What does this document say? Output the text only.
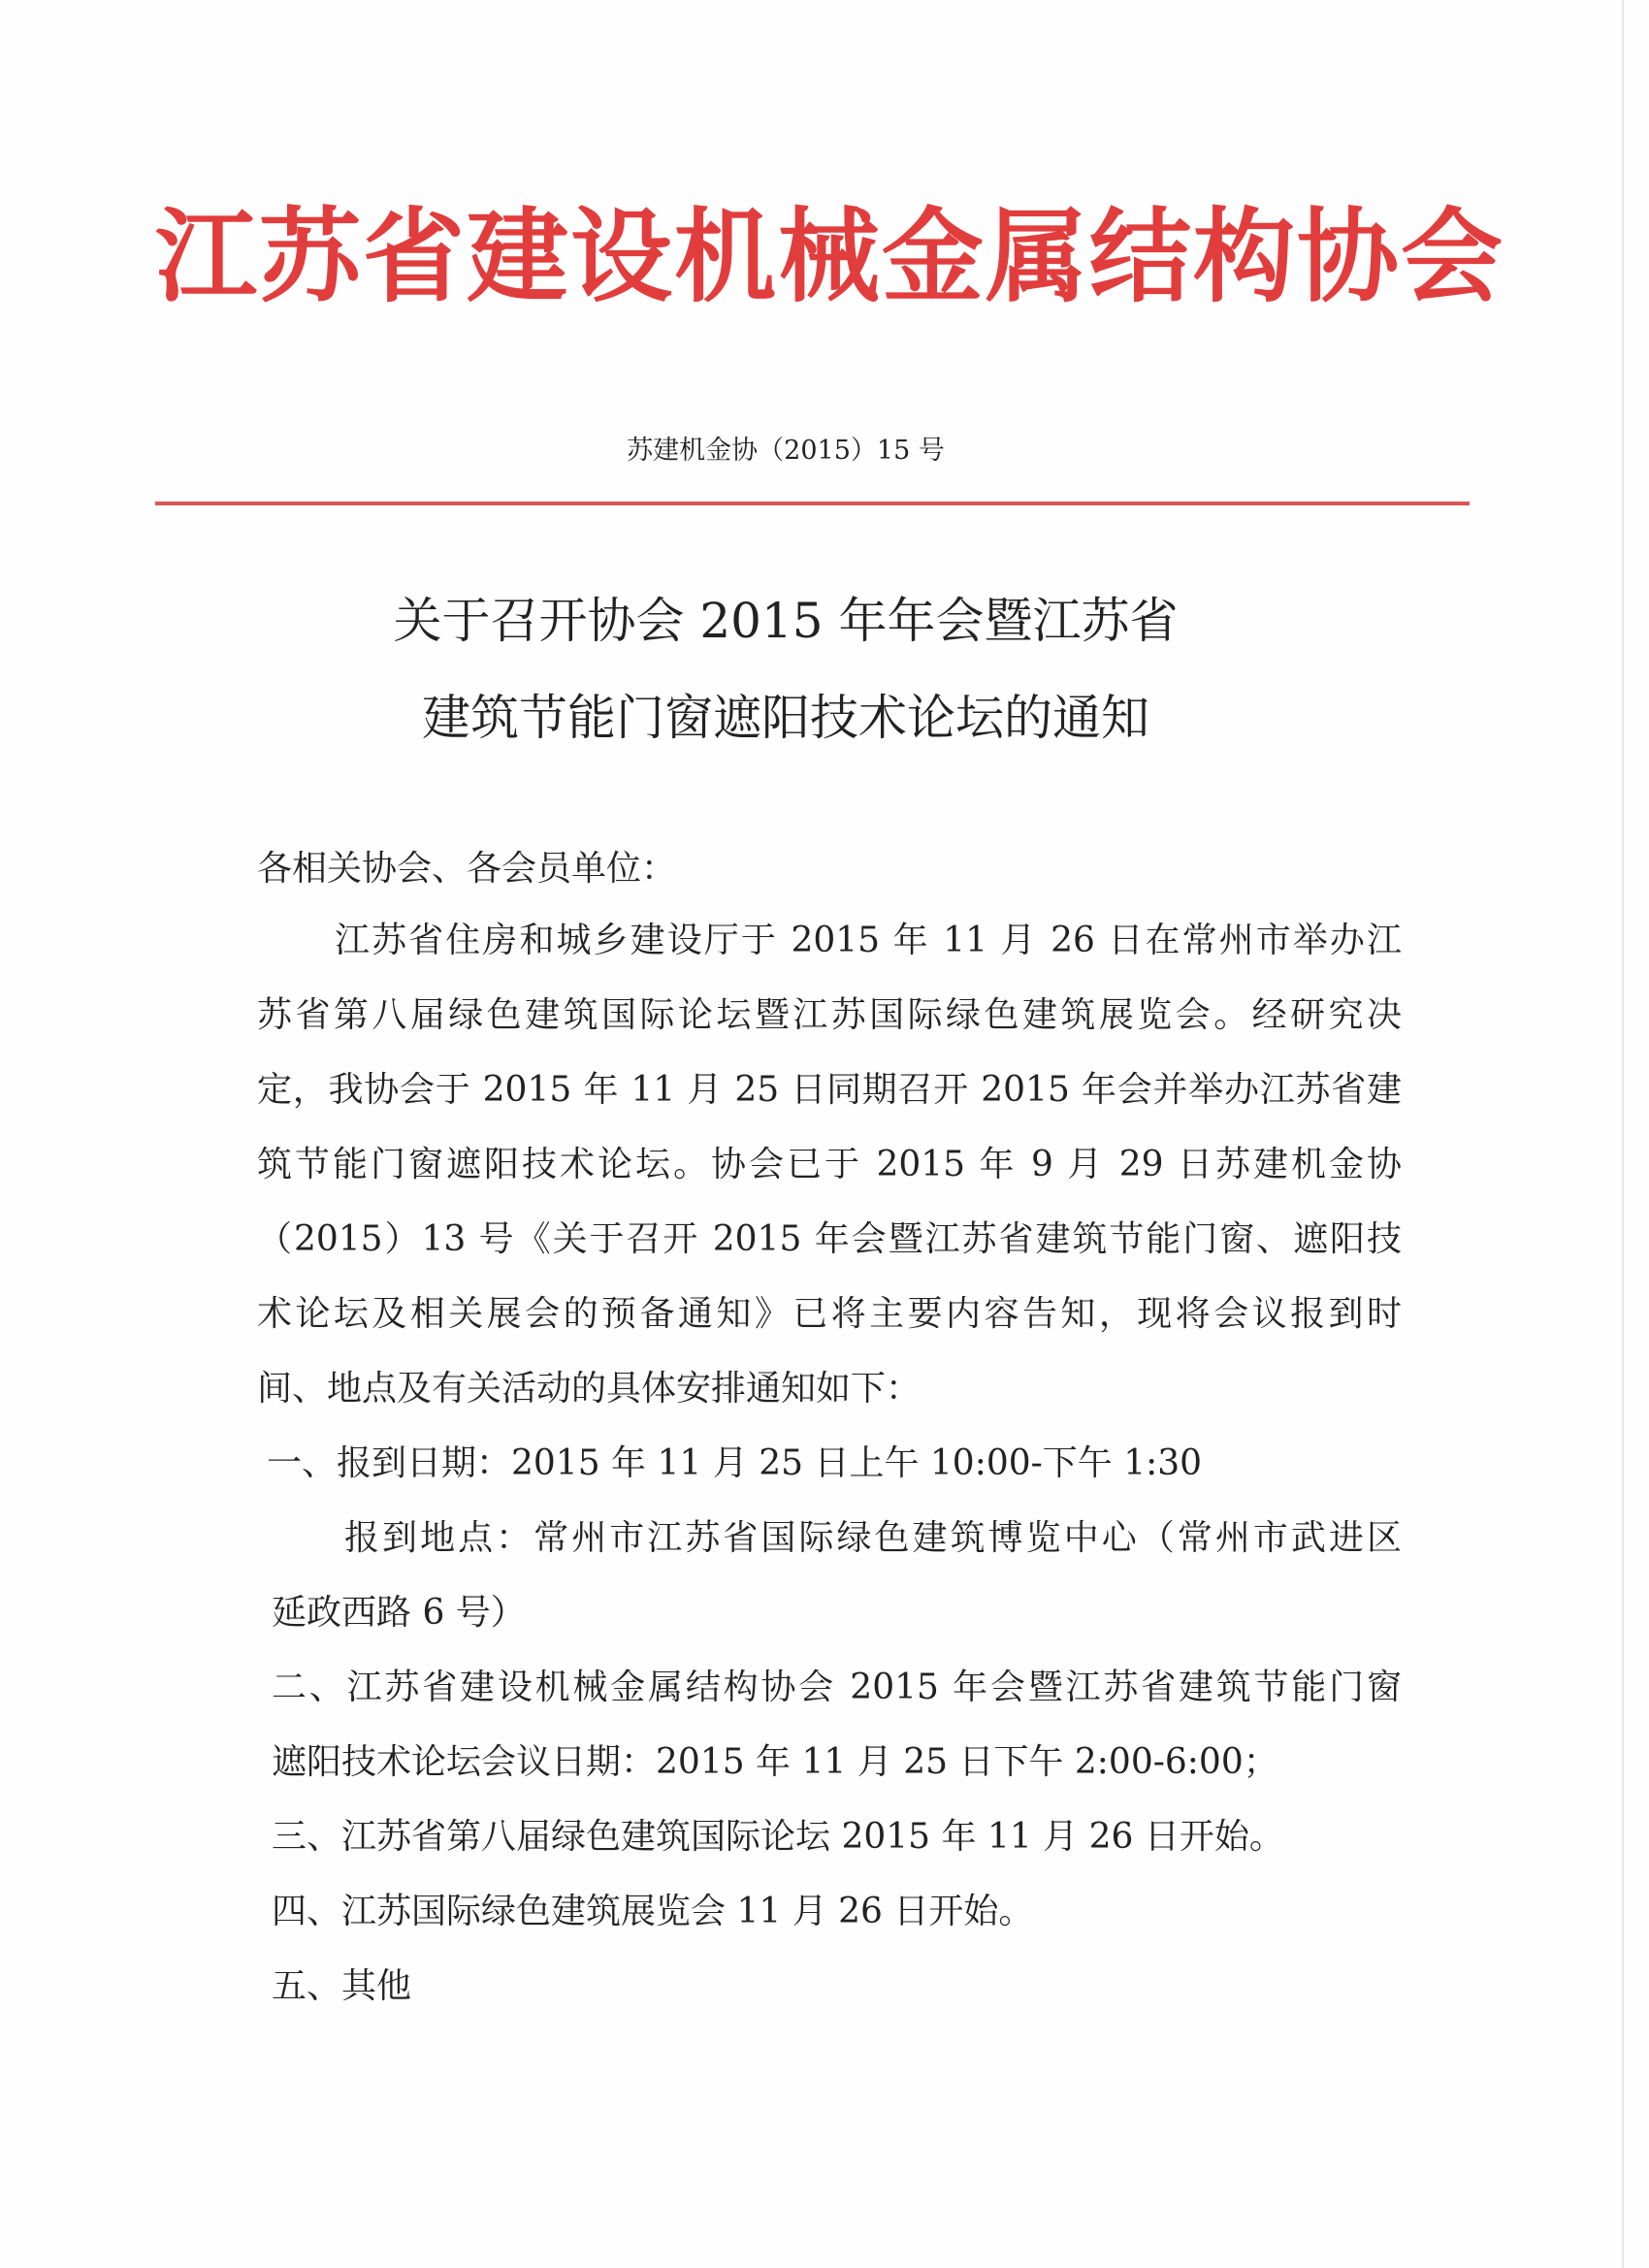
江苏省建设机械金属结构协会
苏建机金协（2015）15 号
关于召开协会 2015 年年会暨江苏省
建筑节能门窗遮阳技术论坛的通知
各相关协会、各会员单位：
江苏省住房和城乡建设厅于 2015 年 11 月 26 日在常州市举办江
苏省第八届绿色建筑国际论坛暨江苏国际绿色建筑展览会。经研究决
定，我协会于 2015 年 11 月 25 日同期召开 2015 年会并举办江苏省建
筑节能门窗遮阳技术论坛。协会已于 2015 年 9 月 29 日苏建机金协
（2015）13 号《关于召开 2015 年会暨江苏省建筑节能门窗、遮阳技
术论坛及相关展会的预备通知》已将主要内容告知，现将会议报到时
间、地点及有关活动的具体安排通知如下：
一、报到日期：2015 年 11 月 25 日上午 10:00-下午 1:30
报到地点：常州市江苏省国际绿色建筑博览中心（常州市武进区
延政西路 6 号）
二、江苏省建设机械金属结构协会 2015 年会暨江苏省建筑节能门窗
遮阳技术论坛会议日期：2015 年 11 月 25 日下午 2:00-6:00；
三、江苏省第八届绿色建筑国际论坛 2015 年 11 月 26 日开始。
四、江苏国际绿色建筑展览会 11 月 26 日开始。
五、其他
